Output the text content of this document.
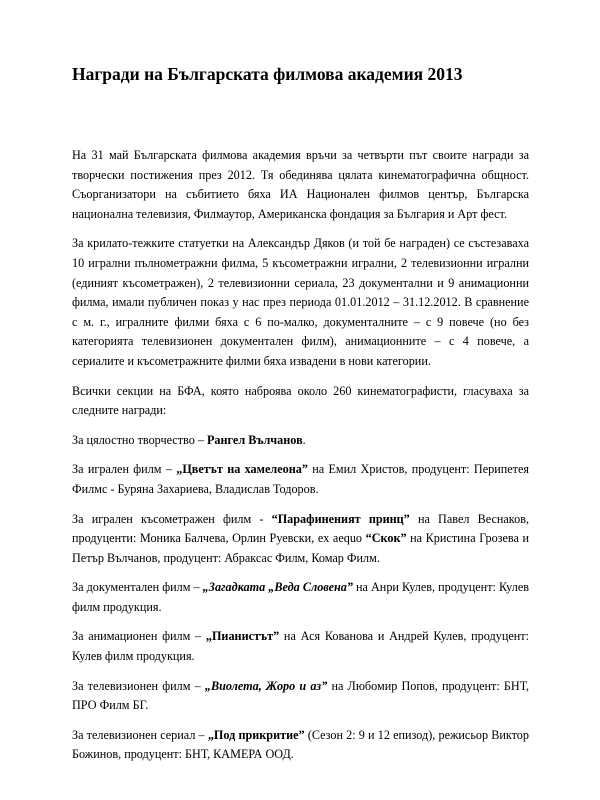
Награди на Българската филмова академия 2013

На 31 май Българската филмова академия връчи за четвърти път своите награди за творчески постижения през 2012. Тя обединява цялата кинематографична общност. Съорганизатори на събитието бяха ИА Национален филмов център, Българска национална телевизия, Филмаутор, Американска фондация за България и Арт фест.

За крилато-тежките статуетки на Александър Дяков (и той бе награден) се състезаваха 10 игрални пълнометражни филма, 5 късометражни игрални, 2 телевизионни игрални (единият късометражен), 2 телевизионни сериала, 23 документални и 9 анимационни филма, имали публичен показ у нас през периода 01.01.2012 – 31.12.2012. В сравнение с м. г., игралните филми бяха с 6 по-малко, документалните – с 9 повече (но без категорията телевизионен документален филм), анимационните – с 4 повече, а сериалите и късометражните филми бяха извадени в нови категории.

Всички секции на БФА, която наброява около 260 кинематографисти, гласуваха за следните награди:

За цялостно творчество – Рангел Вълчанов.

За игрален филм – „Цветът на хамелеона” на Емил Христов, продуцент: Перипетея Филмс - Буряна Захариева, Владислав Тодоров.

За игрален късометражен филм - “Парафиненият принц” на Павел Веснаков, продуценти: Моника Балчева, Орлин Руевски, ex aequo “Скок” на Кристина Грозева и Петър Вълчанов, продуцент: Абраксас Филм, Комар Филм.

За документален филм – „Загадката „Веда Словена” на Анри Кулев, продуцент: Кулев филм продукция.

За анимационен филм – „Пианистът” на Ася Кованова и Андрей Кулев, продуцент: Кулев филм продукция.

За телевизионен филм – „Виолета, Жоро и аз” на Любомир Попов, продуцент: БНТ, ПРО Филм БГ.

За телевизионен сериал – „Под прикритие” (Сезон 2: 9 и 12 епизод), режисьор Виктор Божинов, продуцент: БНТ, КАМЕРА ООД.
